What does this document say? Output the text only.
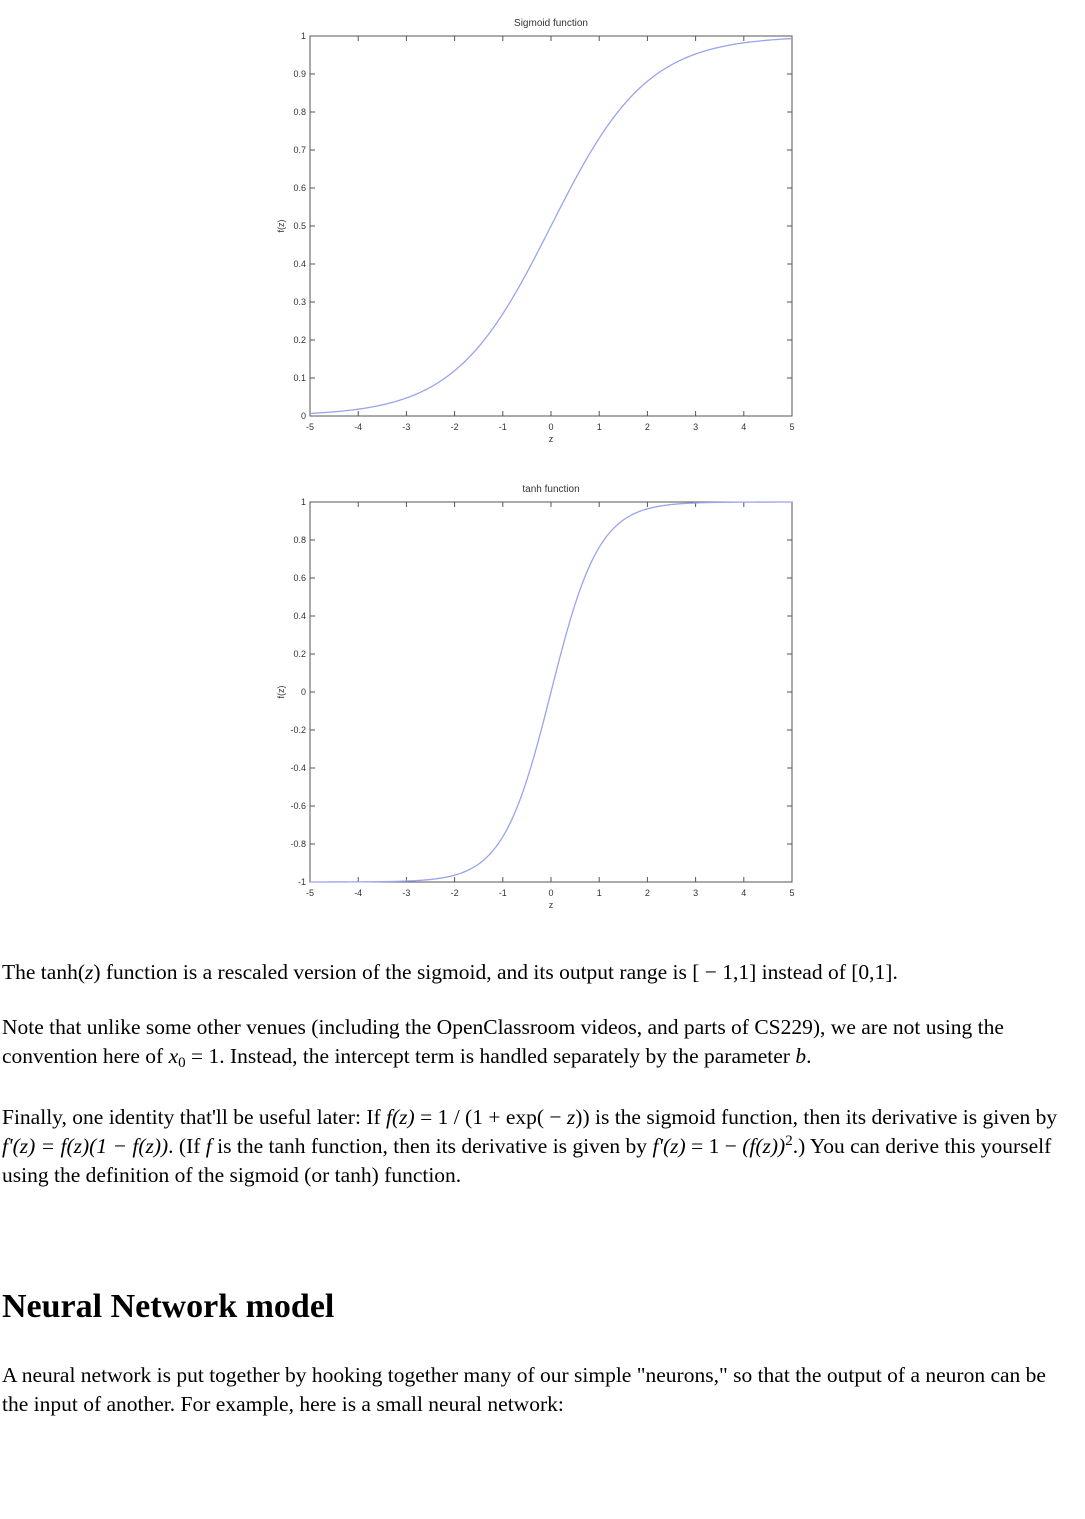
Sigmoid function
-5	-4	-3	-2	-1	0	1	2	3	4	5
0
0.1
0.2
0.3
0.4
0.5
0.6
0.7
0.8
0.9
1
z
f(z)
tanh function
-5	-4	-3	-2	-1	0	1	2	3	4	5
-1
-0.8
-0.6
-0.4
-0.2
0
0.2
0.4
0.6
0.8
1
z
f(z)

The tanh(z) function is a rescaled version of the sigmoid, and its output range is [ − 1,1] instead of [0,1].

Note that unlike some other venues (including the OpenClassroom videos, and parts of CS229), we are not using the convention here of $x_0 = 1$. Instead, the intercept term is handled separately by the parameter b.

Finally, one identity that'll be useful later: If f(z) = 1 / (1 + exp( − z)) is the sigmoid function, then its derivative is given by f'(z) = f(z)(1 − f(z)). (If f is the tanh function, then its derivative is given by $f'(z) = 1 - (f(z))^2$.) You can derive this yourself using the definition of the sigmoid (or tanh) function.

Neural Network model

A neural network is put together by hooking together many of our simple "neurons," so that the output of a neuron can be the input of another. For example, here is a small neural network:
